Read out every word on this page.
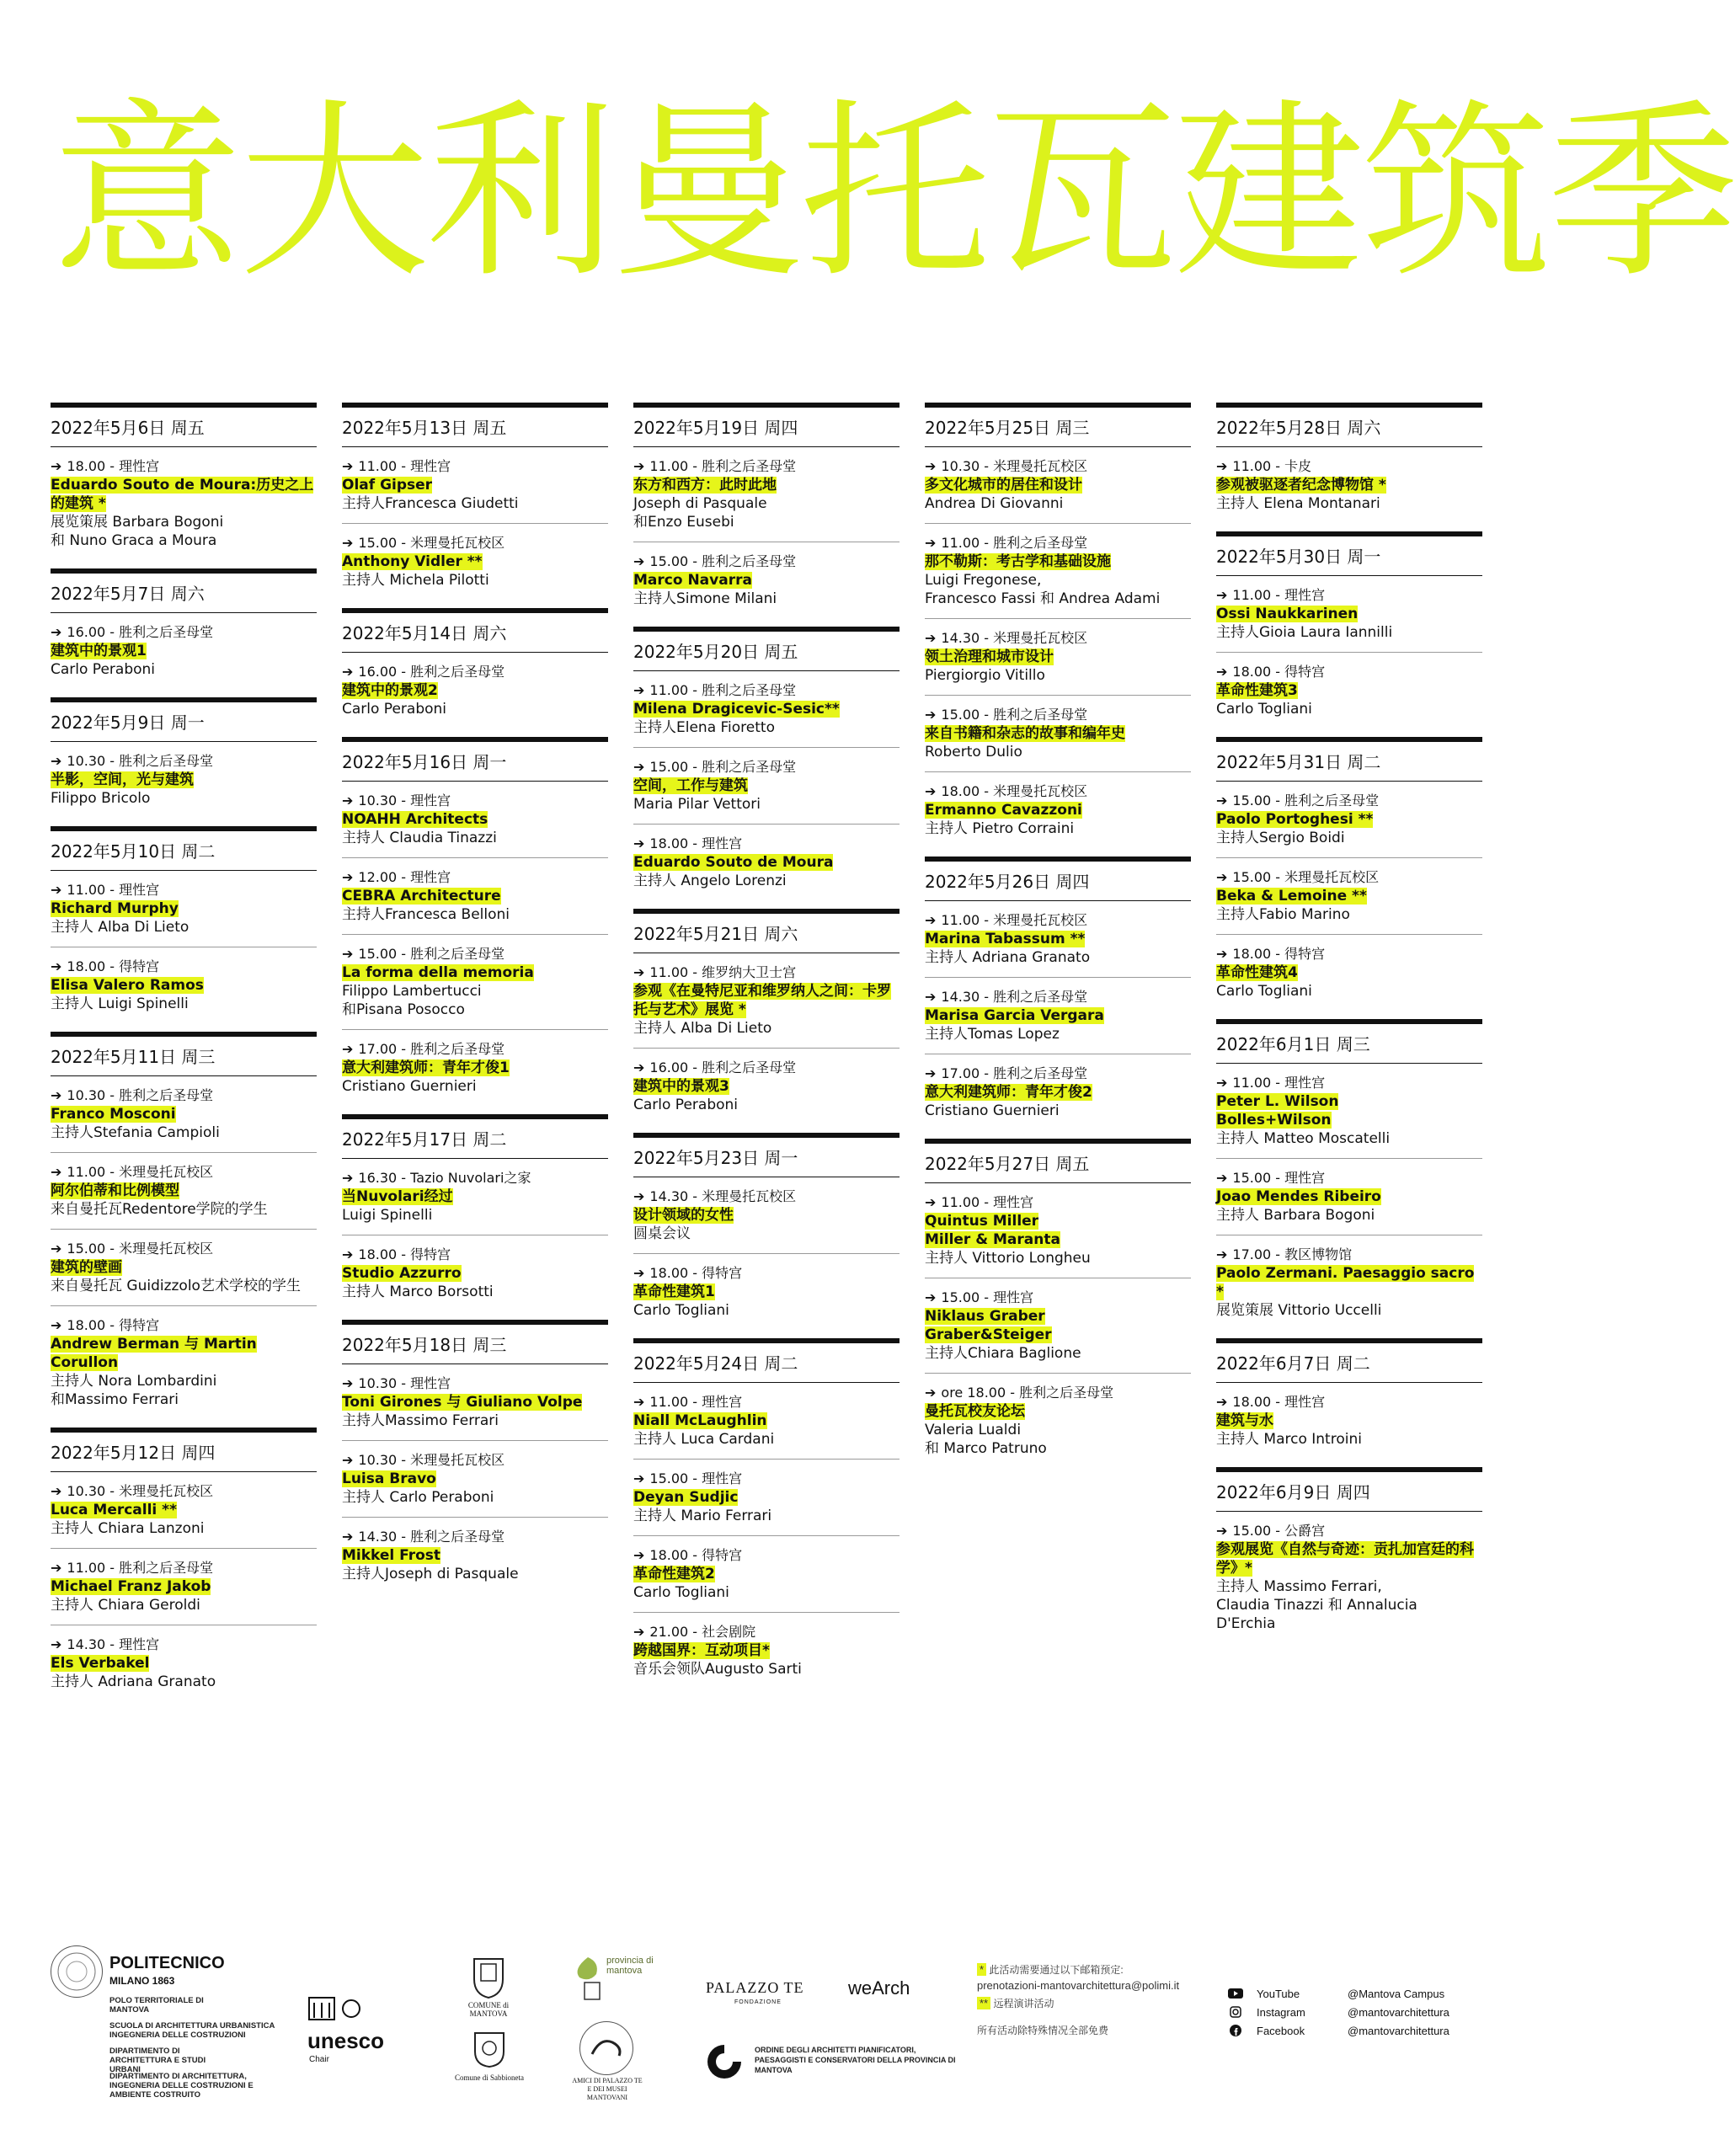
意大利曼托瓦建筑季
2022年5月6日 周五
➔ 18.00 - 理性宫
Eduardo Souto de Moura:历史之上的建筑 *
展览策展 Barbara Bogoni
和 Nuno Graca a Moura
2022年5月7日 周六
➔ 16.00 - 胜利之后圣母堂
建筑中的景观1
Carlo Peraboni
2022年5月9日 周一
➔ 10.30 - 胜利之后圣母堂
半影，空间，光与建筑
Filippo Bricolo
2022年5月10日 周二
➔ 11.00 - 理性宫
Richard Murphy
主持人 Alba Di Lieto
➔ 18.00 - 得特宫
Elisa Valero Ramos
主持人 Luigi Spinelli
2022年5月11日 周三
➔ 10.30 - 胜利之后圣母堂
Franco Mosconi
主持人Stefania Campioli
➔ 11.00 - 米理曼托瓦校区
阿尔伯蒂和比例模型
来自曼托瓦Redentore学院的学生
➔ 15.00 - 米理曼托瓦校区
建筑的壁画
来自曼托瓦 Guidizzolo艺术学校的学生
➔ 18.00 - 得特宫
Andrew Berman 与 Martin Corullon
主持人 Nora Lombardini
和Massimo Ferrari
2022年5月12日 周四
➔ 10.30 - 米理曼托瓦校区
Luca Mercalli **
主持人 Chiara Lanzoni
➔ 11.00 - 胜利之后圣母堂
Michael Franz Jakob
主持人 Chiara Geroldi
➔ 14.30 - 理性宫
Els Verbakel
主持人 Adriana Granato
2022年5月13日 周五
➔ 11.00 - 理性宫
Olaf Gipser
主持人Francesca Giudetti
➔ 15.00 - 米理曼托瓦校区
Anthony Vidler **
主持人 Michela Pilotti
2022年5月14日 周六
➔ 16.00 - 胜利之后圣母堂
建筑中的景观2
Carlo Peraboni
2022年5月16日 周一
➔ 10.30 - 理性宫
NOAHH Architects
主持人 Claudia Tinazzi
➔ 12.00 - 理性宫
CEBRA Architecture
主持人Francesca Belloni
➔ 15.00 - 胜利之后圣母堂
La forma della memoria
Filippo Lambertucci
和Pisana Posocco
➔ 17.00 - 胜利之后圣母堂
意大利建筑师：青年才俊1
Cristiano Guernieri
2022年5月17日 周二
➔ 16.30 - Tazio Nuvolari之家
当Nuvolari经过
Luigi Spinelli
➔ 18.00 - 得特宫
Studio Azzurro
主持人 Marco Borsotti
2022年5月18日 周三
➔ 10.30 - 理性宫
Toni Girones 与 Giuliano Volpe
主持人Massimo Ferrari
➔ 10.30 - 米理曼托瓦校区
Luisa Bravo
主持人 Carlo Peraboni
➔ 14.30 - 胜利之后圣母堂
Mikkel Frost
主持人Joseph di Pasquale
2022年5月19日 周四
➔ 11.00 - 胜利之后圣母堂
东方和西方：此时此地
Joseph di Pasquale
和Enzo Eusebi
➔ 15.00 - 胜利之后圣母堂
Marco Navarra
主持人Simone Milani
2022年5月20日 周五
➔ 11.00 - 胜利之后圣母堂
Milena Dragicevic-Sesic**
主持人Elena Fioretto
➔ 15.00 - 胜利之后圣母堂
空间，工作与建筑
Maria Pilar Vettori
➔ 18.00 - 理性宫
Eduardo Souto de Moura
主持人 Angelo Lorenzi
2022年5月21日 周六
➔ 11.00 - 维罗纳大卫士宫
参观《在曼特尼亚和维罗纳人之间：卡罗托与艺术》展览 *
主持人 Alba Di Lieto
➔ 16.00 - 胜利之后圣母堂
建筑中的景观3
Carlo Peraboni
2022年5月23日 周一
➔ 14.30 - 米理曼托瓦校区
设计领域的女性
圆桌会议
➔ 18.00 - 得特宫
革命性建筑1
Carlo Togliani
2022年5月24日 周二
➔ 11.00 - 理性宫
Niall McLaughlin
主持人 Luca Cardani
➔ 15.00 - 理性宫
Deyan Sudjic
主持人 Mario Ferrari
➔ 18.00 - 得特宫
革命性建筑2
Carlo Togliani
➔ 21.00 - 社会剧院
跨越国界：互动项目*
音乐会领队Augusto Sarti
2022年5月25日 周三
➔ 10.30 - 米理曼托瓦校区
多文化城市的居住和设计
Andrea Di Giovanni
➔ 11.00 - 胜利之后圣母堂
那不勒斯：考古学和基础设施
Luigi Fregonese,
Francesco Fassi 和 Andrea Adami
➔ 14.30 - 米理曼托瓦校区
领土治理和城市设计
Piergiorgio Vitillo
➔ 15.00 - 胜利之后圣母堂
来自书籍和杂志的故事和编年史
Roberto Dulio
➔ 18.00 - 米理曼托瓦校区
Ermanno Cavazzoni
主持人 Pietro Corraini
2022年5月26日 周四
➔ 11.00 - 米理曼托瓦校区
Marina Tabassum **
主持人 Adriana Granato
➔ 14.30 - 胜利之后圣母堂
Marisa Garcia Vergara
主持人Tomas Lopez
➔ 17.00 - 胜利之后圣母堂
意大利建筑师：青年才俊2
Cristiano Guernieri
2022年5月27日 周五
➔ 11.00 - 理性宫
Quintus Miller
Miller & Maranta
主持人 Vittorio Longheu
➔ 15.00 - 理性宫
Niklaus Graber
Graber&Steiger
主持人Chiara Baglione
➔ ore 18.00 - 胜利之后圣母堂
曼托瓦校友论坛
Valeria Lualdi
和 Marco Patruno
2022年5月28日 周六
➔ 11.00 - 卡皮
参观被驱逐者纪念博物馆 *
主持人 Elena Montanari
2022年5月30日 周一
➔ 11.00 - 理性宫
Ossi Naukkarinen
主持人Gioia Laura Iannilli
➔ 18.00 - 得特宫
革命性建筑3
Carlo Togliani
2022年5月31日 周二
➔ 15.00 - 胜利之后圣母堂
Paolo Portoghesi **
主持人Sergio Boidi
➔ 15.00 - 米理曼托瓦校区
Beka & Lemoine **
主持人Fabio Marino
➔ 18.00 - 得特宫
革命性建筑4
Carlo Togliani
2022年6月1日 周三
➔ 11.00 - 理性宫
Peter L. Wilson
Bolles+Wilson
主持人 Matteo Moscatelli
➔ 15.00 - 理性宫
Joao Mendes Ribeiro
主持人 Barbara Bogoni
➔ 17.00 - 教区博物馆
Paolo Zermani. Paesaggio sacro *
展览策展 Vittorio Uccelli
2022年6月7日 周二
➔ 18.00 - 理性宫
建筑与水
主持人 Marco Introini
2022年6月9日 周四
➔ 15.00 - 公爵宫
参观展览《自然与奇迹：贡扎加宫廷的科学》*
主持人 Massimo Ferrari,
Claudia Tinazzi 和 Annalucia
D'Erchia
POLITECNICO
MILANO 1863
POLO TERRITORIALE DI MANTOVA
SCUOLA DI ARCHITETTURA URBANISTICA INGEGNERIA DELLE COSTRUZIONI
DIPARTIMENTO DI ARCHITETTURA E STUDI URBANI
DIPARTIMENTO DI ARCHITETTURA, INGEGNERIA DELLE COSTRUZIONI E AMBIENTE COSTRUITO
unesco
Chair
COMUNE di MANTOVA
Comune di Sabbioneta
provincia di mantova
AMICI DI PALAZZO TE E DEI MUSEI MANTOVANI
PALAZZO TE
FONDAZIONE
weArch
ORDINE DEGLI ARCHITETTI PIANIFICATORI, PAESAGGISTI E CONSERVATORI DELLA PROVINCIA DI MANTOVA
* 此活动需要通过以下邮箱预定:
prenotazioni-mantovarchitettura@polimi.it
** 远程演讲活动
所有活动除特殊情况全部免费
YouTube	@Mantova Campus
Instagram	@mantovarchitettura
Facebook	@mantovarchitettura
